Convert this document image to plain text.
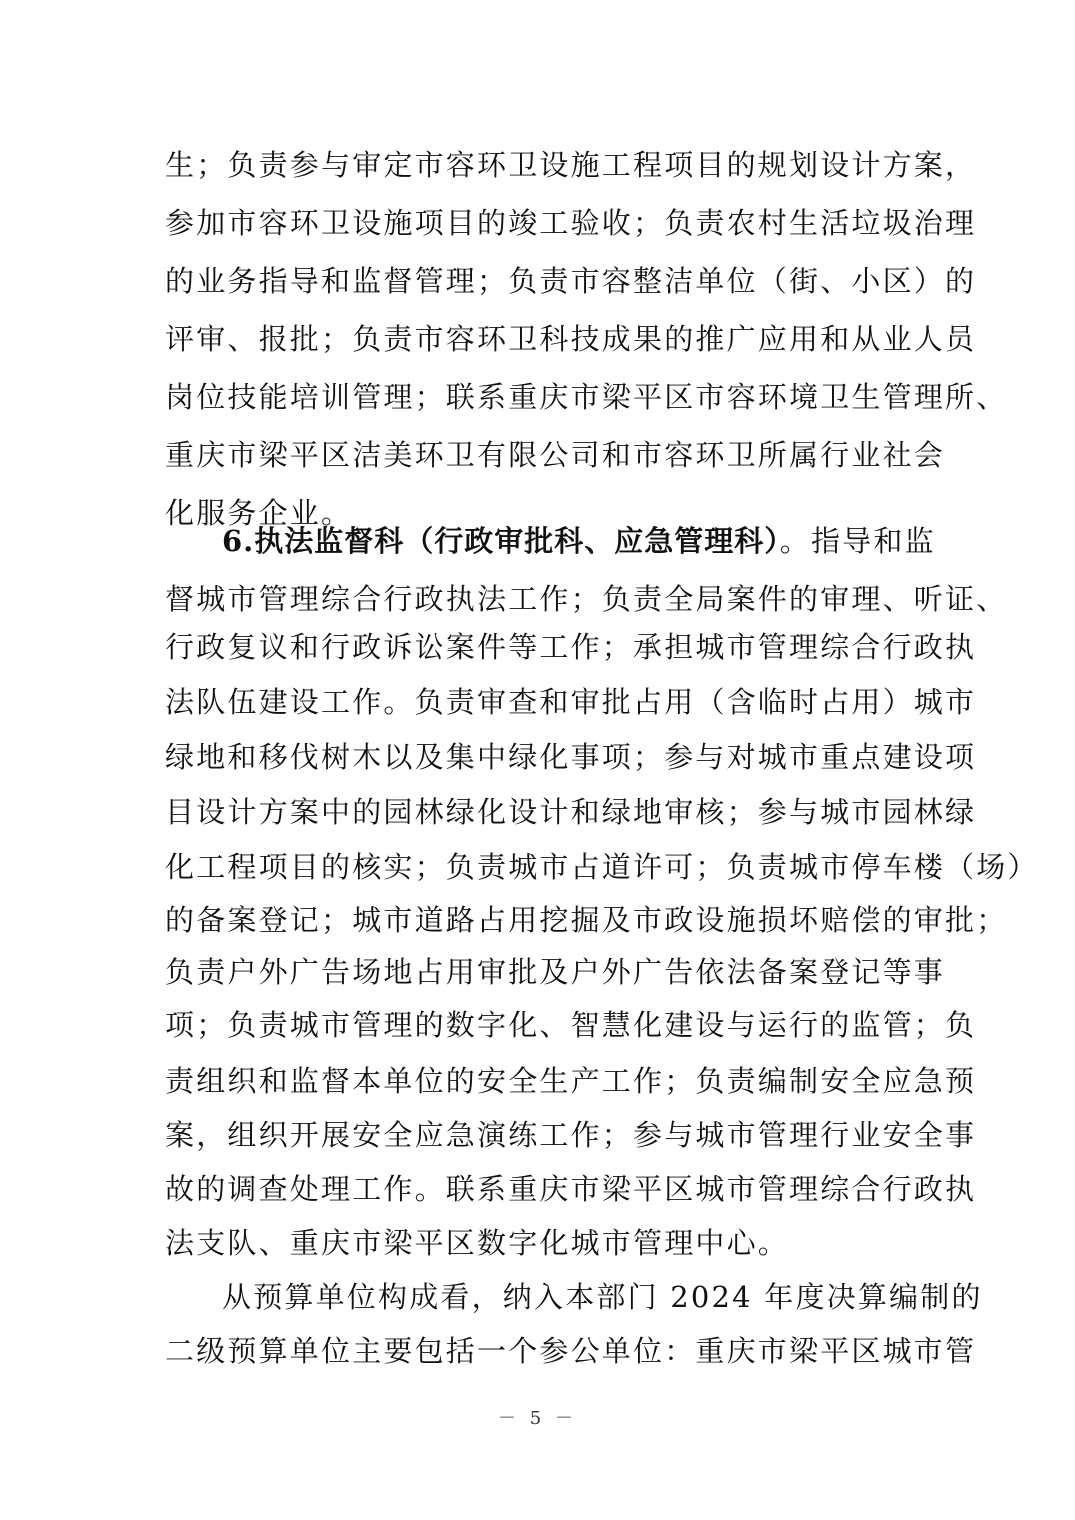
生；负责参与审定市容环卫设施工程项目的规划设计方案，
参加市容环卫设施项目的竣工验收；负责农村生活垃圾治理
的业务指导和监督管理；负责市容整洁单位（街、小区）的
评审、报批；负责市容环卫科技成果的推广应用和从业人员
岗位技能培训管理；联系重庆市梁平区市容环境卫生管理所、
重庆市梁平区洁美环卫有限公司和市容环卫所属行业社会
化服务企业。
6.执法监督科（行政审批科、应急管理科）。指导和监
督城市管理综合行政执法工作；负责全局案件的审理、听证、
行政复议和行政诉讼案件等工作；承担城市管理综合行政执
法队伍建设工作。负责审查和审批占用（含临时占用）城市
绿地和移伐树木以及集中绿化事项；参与对城市重点建设项
目设计方案中的园林绿化设计和绿地审核；参与城市园林绿
化工程项目的核实；负责城市占道许可；负责城市停车楼（场）
的备案登记；城市道路占用挖掘及市政设施损坏赔偿的审批；
负责户外广告场地占用审批及户外广告依法备案登记等事
项；负责城市管理的数字化、智慧化建设与运行的监管；负
责组织和监督本单位的安全生产工作；负责编制安全应急预
案，组织开展安全应急演练工作；参与城市管理行业安全事
故的调查处理工作。联系重庆市梁平区城市管理综合行政执
法支队、重庆市梁平区数字化城市管理中心。
从预算单位构成看，纳入本部门 2024 年度决算编制的
二级预算单位主要包括一个参公单位：重庆市梁平区城市管
－ 5 －
